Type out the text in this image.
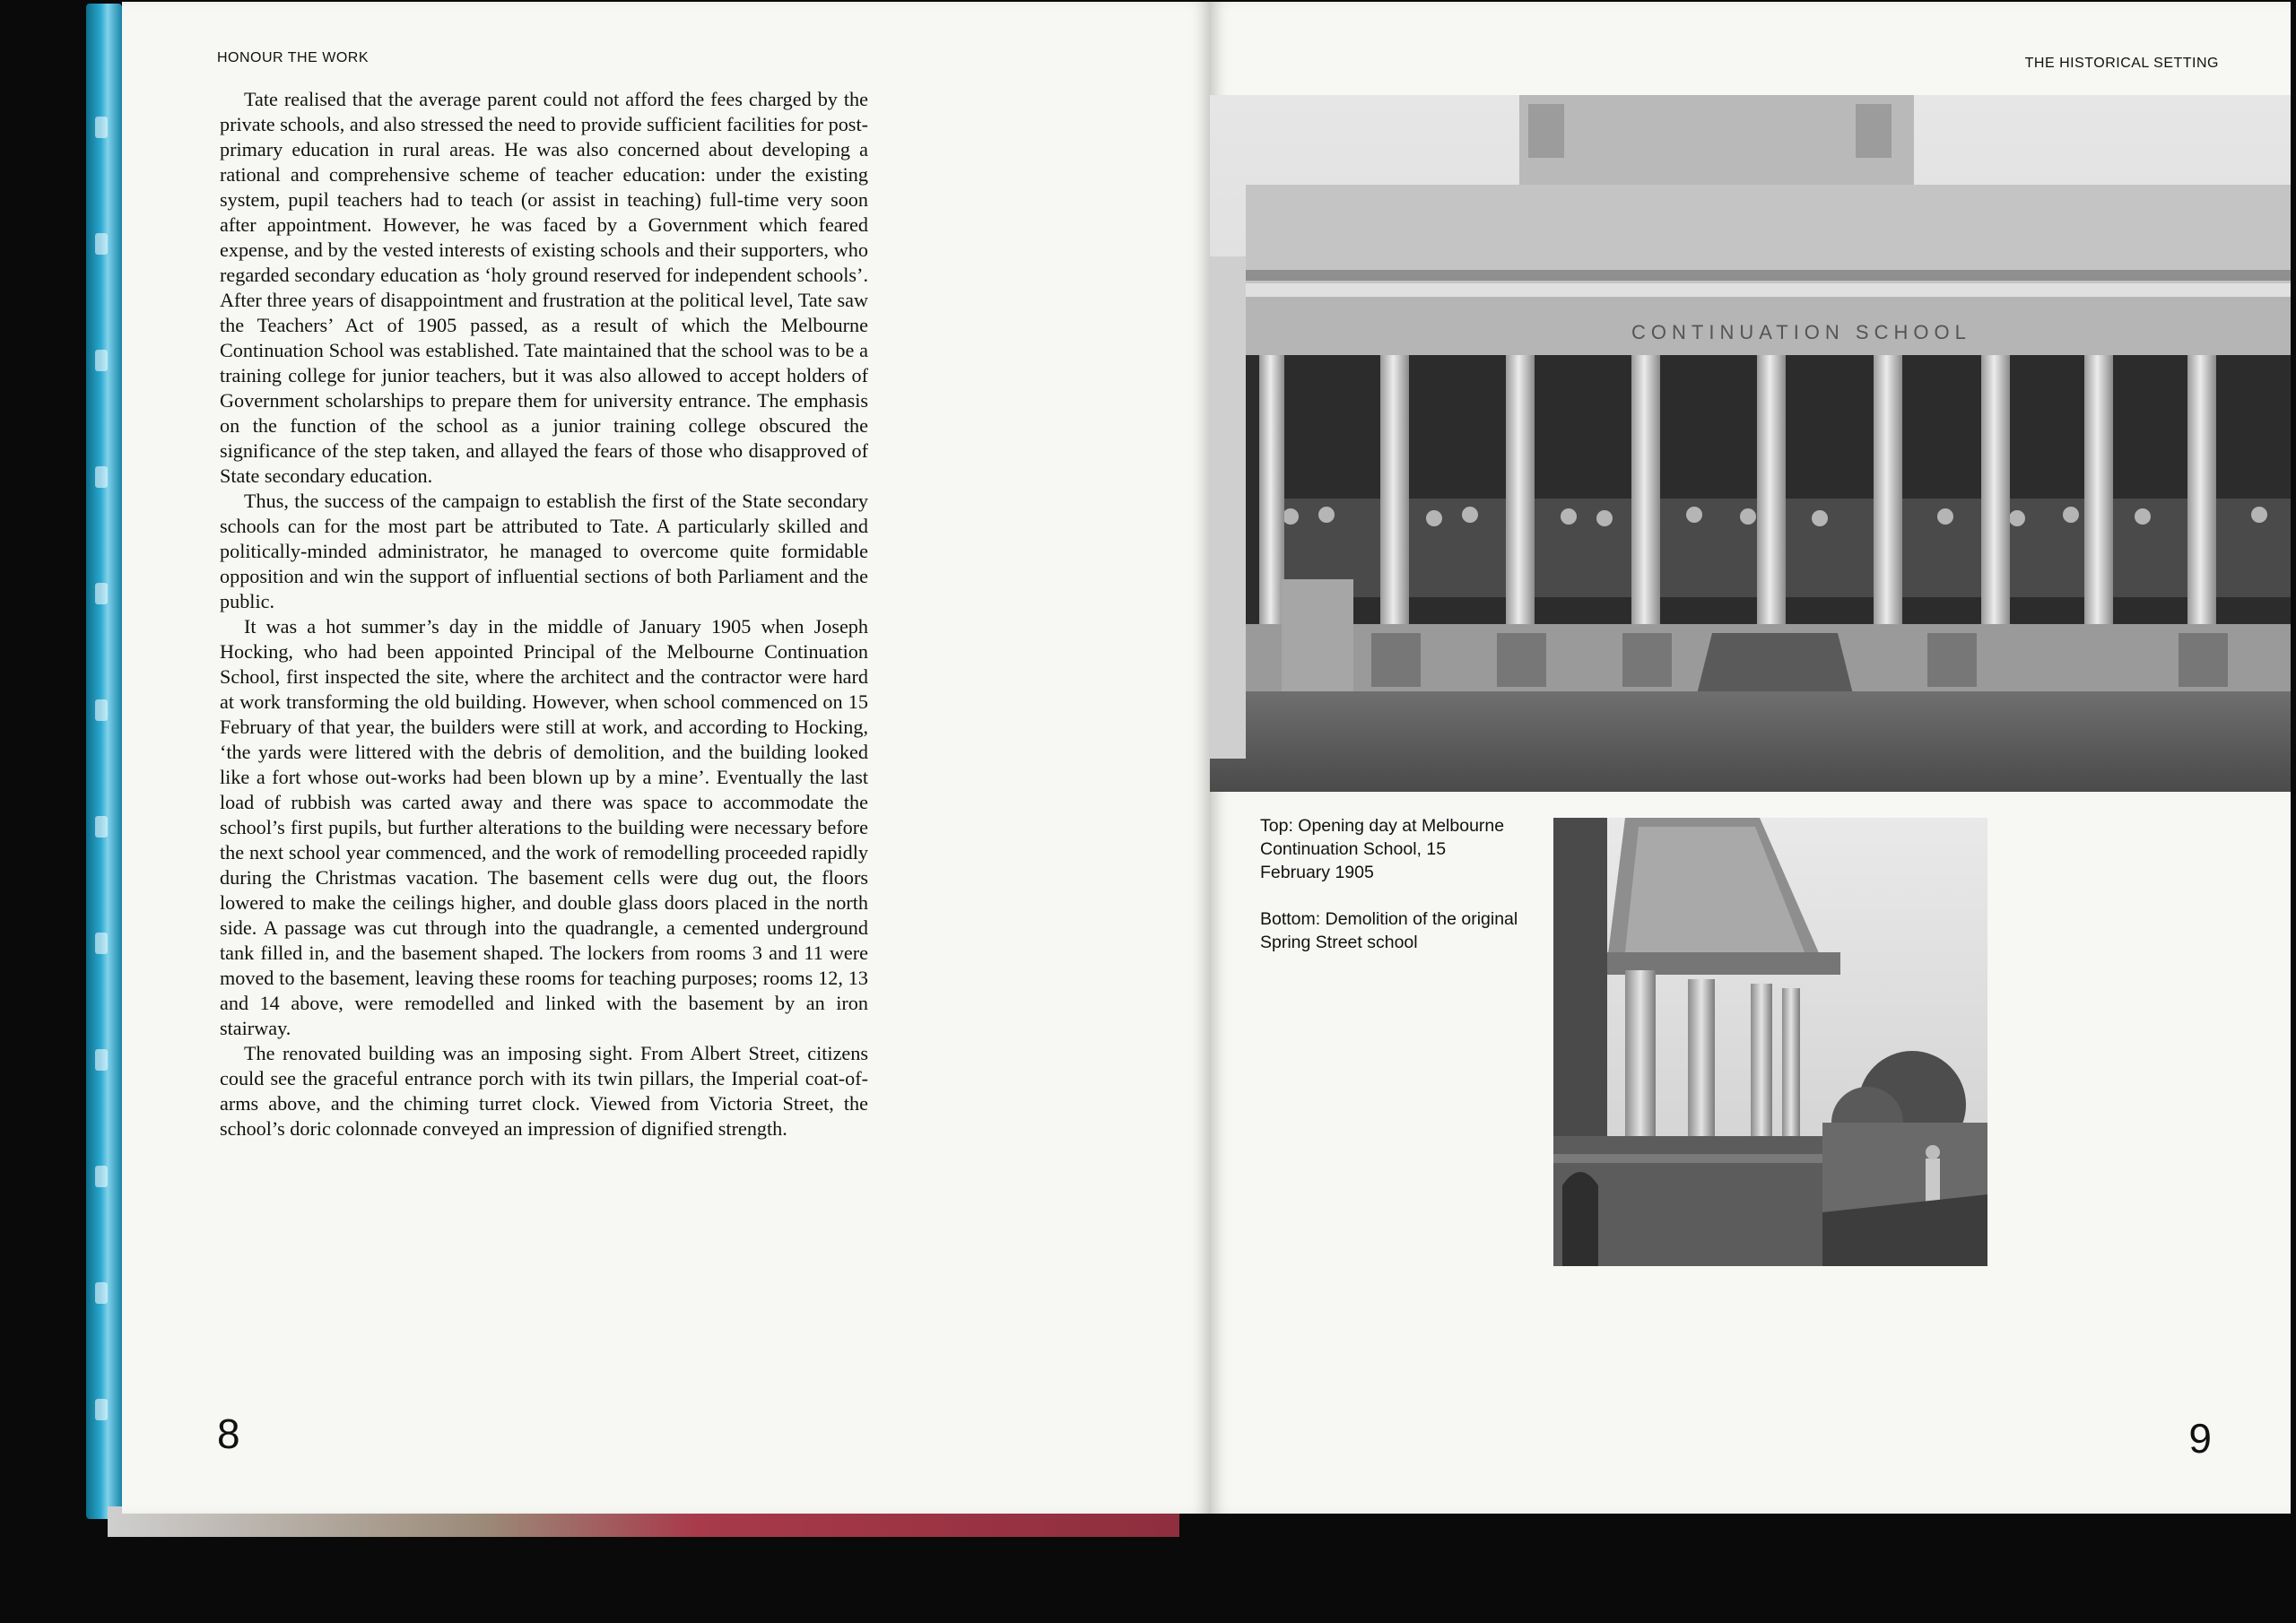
HONOUR THE WORK

Tate realised that the average parent could not afford the fees charged by the private schools, and also stressed the need to provide sufficient facilities for post-primary education in rural areas. He was also concerned about developing a rational and comprehensive scheme of teacher education: under the existing system, pupil teachers had to teach (or assist in teaching) full-time very soon after appointment. However, he was faced by a Government which feared expense, and by the vested interests of existing schools and their supporters, who regarded secondary education as ‘holy ground reserved for independent schools’. After three years of disappointment and frustration at the political level, Tate saw the Teachers’ Act of 1905 passed, as a result of which the Melbourne Continuation School was established. Tate maintained that the school was to be a training college for junior teachers, but it was also allowed to accept holders of Government scholarships to prepare them for university entrance. The emphasis on the function of the school as a junior training college obscured the significance of the step taken, and allayed the fears of those who disapproved of State secondary education.

Thus, the success of the campaign to establish the first of the State secondary schools can for the most part be attributed to Tate. A particularly skilled and politically-minded administrator, he managed to overcome quite formidable opposition and win the support of influential sections of both Parliament and the public.

It was a hot summer’s day in the middle of January 1905 when Joseph Hocking, who had been appointed Principal of the Melbourne Continuation School, first inspected the site, where the architect and the contractor were hard at work transforming the old building. However, when school commenced on 15 February of that year, the builders were still at work, and according to Hocking, ‘the yards were littered with the debris of demolition, and the building looked like a fort whose out-works had been blown up by a mine’. Eventually the last load of rubbish was carted away and there was space to accommodate the school’s first pupils, but further alterations to the building were necessary before the next school year commenced, and the work of remodelling proceeded rapidly during the Christmas vacation. The basement cells were dug out, the floors lowered to make the ceilings higher, and double glass doors placed in the north side. A passage was cut through into the quadrangle, a cemented underground tank filled in, and the basement shaped. The lockers from rooms 3 and 11 were moved to the basement, leaving these rooms for teaching purposes; rooms 12, 13 and 14 above, were remodelled and linked with the basement by an iron stairway.

The renovated building was an imposing sight. From Albert Street, citizens could see the graceful entrance porch with its twin pillars, the Imperial coat-of-arms above, and the chiming turret clock. Viewed from Victoria Street, the school’s doric colonnade conveyed an impression of dignified strength.

8
THE HISTORICAL SETTING
CONTINUATION SCHOOL
Top: Opening day at Melbourne Continuation School, 15 February 1905
Bottom: Demolition of the original Spring Street school
9
